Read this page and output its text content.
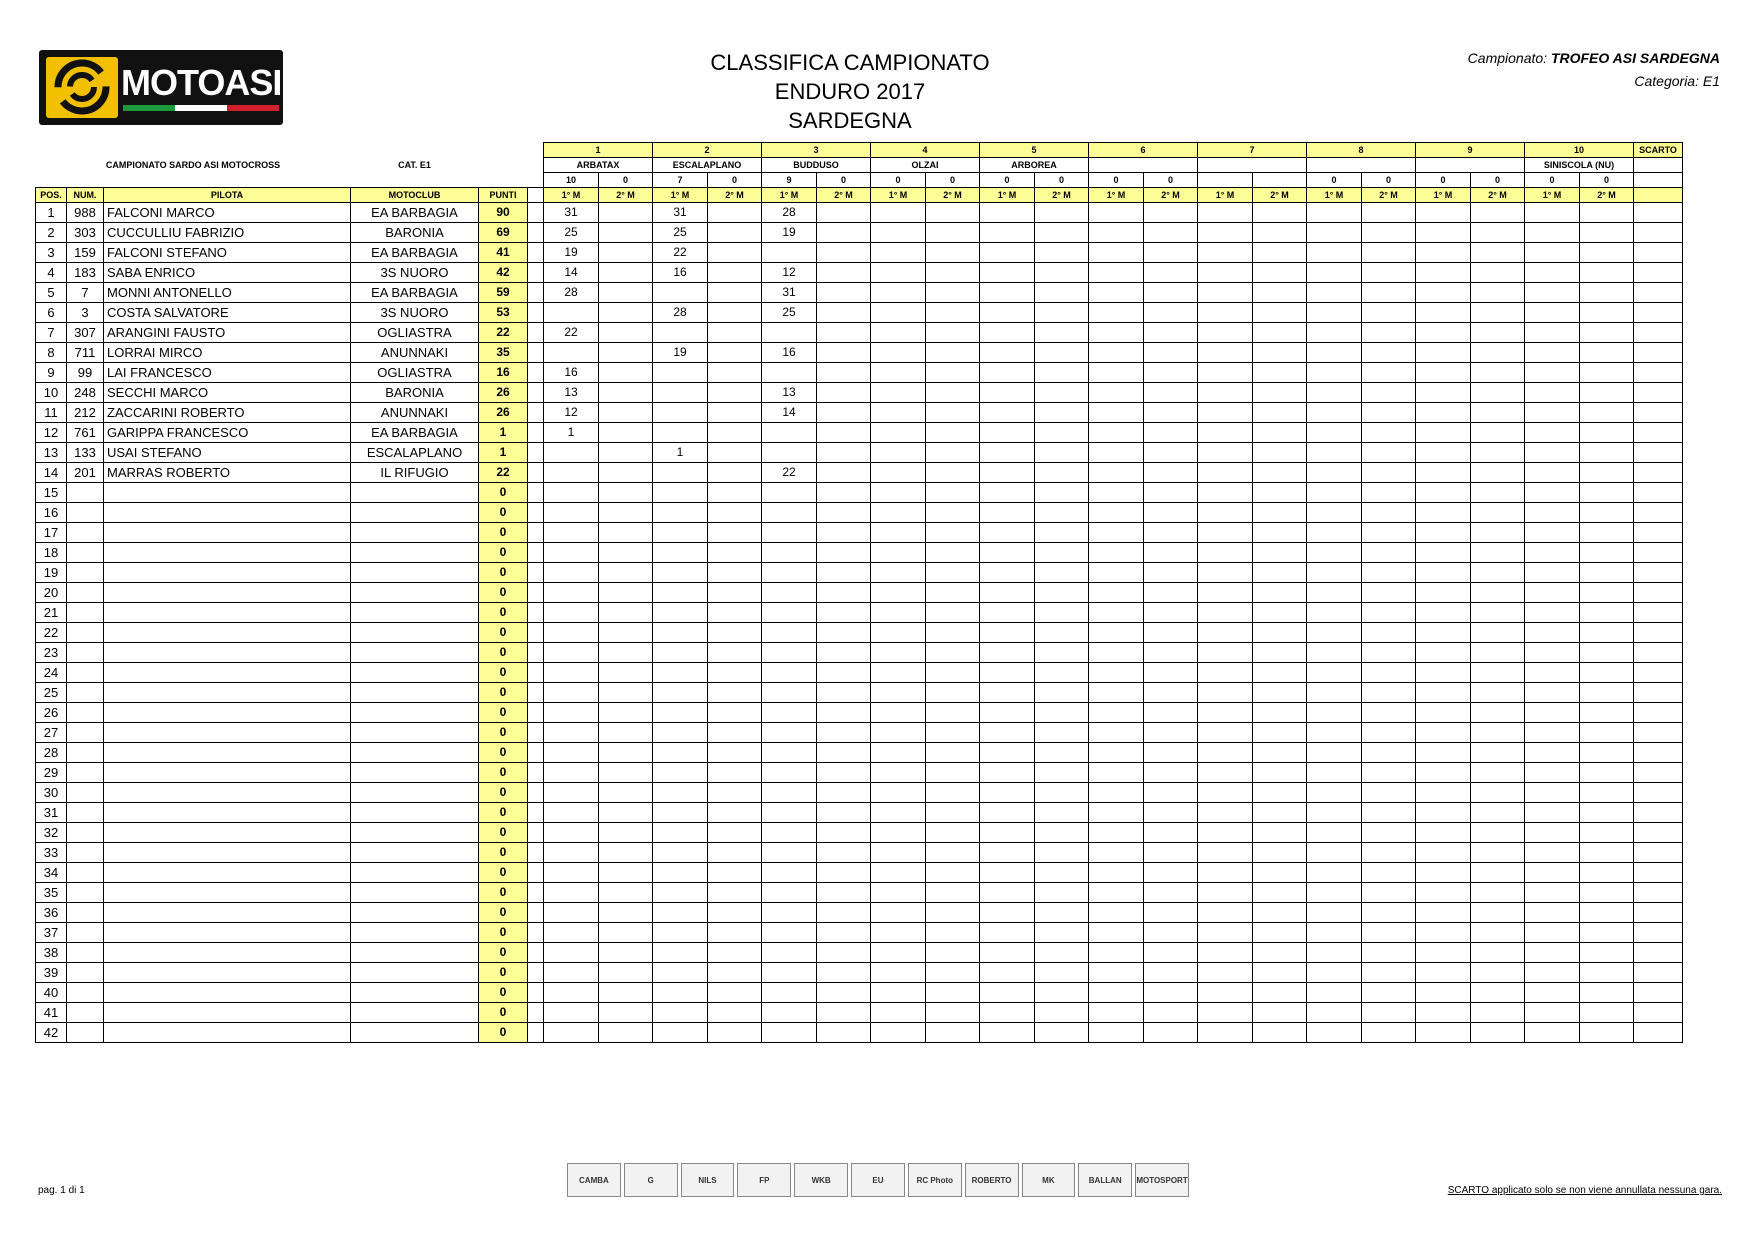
MOTOASI.IT	CLASSIFICA CAMPIONATO
ENDURO 2017
SARDEGNA
Campionato: TROFEO ASI SARDEGNA
Categoria: E1
						1		2		3		4		5		6		7		8		9		10		SCARTO
CAMPIONATO SARDO ASI MOTOCROSS			CAT. E1			ARBATAX		ESCALAPLANO		BUDDUSO		OLZAI		ARBOREA										SINISCOLA (NU)		
						10	0	7	0	9	0	0	0	0	0	0	0			0	0	0	0	0	0	
POS.	NUM.	PILOTA	MOTOCLUB	PUNTI		1° M	2° M	1° M	2° M	1° M	2° M	1° M	2° M	1° M	2° M	1° M	2° M	1° M	2° M	1° M	2° M	1° M	2° M	1° M	2° M	
1	988	FALCONI MARCO	EA BARBAGIA	90		31		31		28																
2	303	CUCCULLIU FABRIZIO	BARONIA	69		25		25		19																
3	159	FALCONI STEFANO	EA BARBAGIA	41		19		22																		
4	183	SABA ENRICO	3S NUORO	42		14		16		12																
5	7	MONNI ANTONELLO	EA BARBAGIA	59		28				31																
6	3	COSTA SALVATORE	3S NUORO	53				28		25																
7	307	ARANGINI FAUSTO	OGLIASTRA	22		22																				
8	711	LORRAI MIRCO	ANUNNAKI	35				19		16																
9	99	LAI FRANCESCO	OGLIASTRA	16		16																				
10	248	SECCHI MARCO	BARONIA	26		13				13																
11	212	ZACCARINI ROBERTO	ANUNNAKI	26		12				14																
12	761	GARIPPA FRANCESCO	EA BARBAGIA	1		1																				
13	133	USAI STEFANO	ESCALAPLANO	1				1																		
14	201	MARRAS ROBERTO	IL RIFUGIO	22						22																
15				0																						
16				0																						
17				0																						
18				0																						
19				0																						
20				0																						
21				0																						
22				0																						
23				0																						
24				0																						
25				0																						
26				0																						
27				0																						
28				0																						
29				0																						
30				0																						
31				0																						
32				0																						
33				0																						
34				0																						
35				0																						
36				0																						
37				0																						
38				0																						
39				0																						
40				0																						
41				0																						
42				0																						
pag. 1 di 1
CAMBA	G	NILS	FP	WKB	EU	RC Photo	ROBERTO	MK	BALLAN	MOTOSPORT
SCARTO applicato solo se non viene annullata nessuna gara.
